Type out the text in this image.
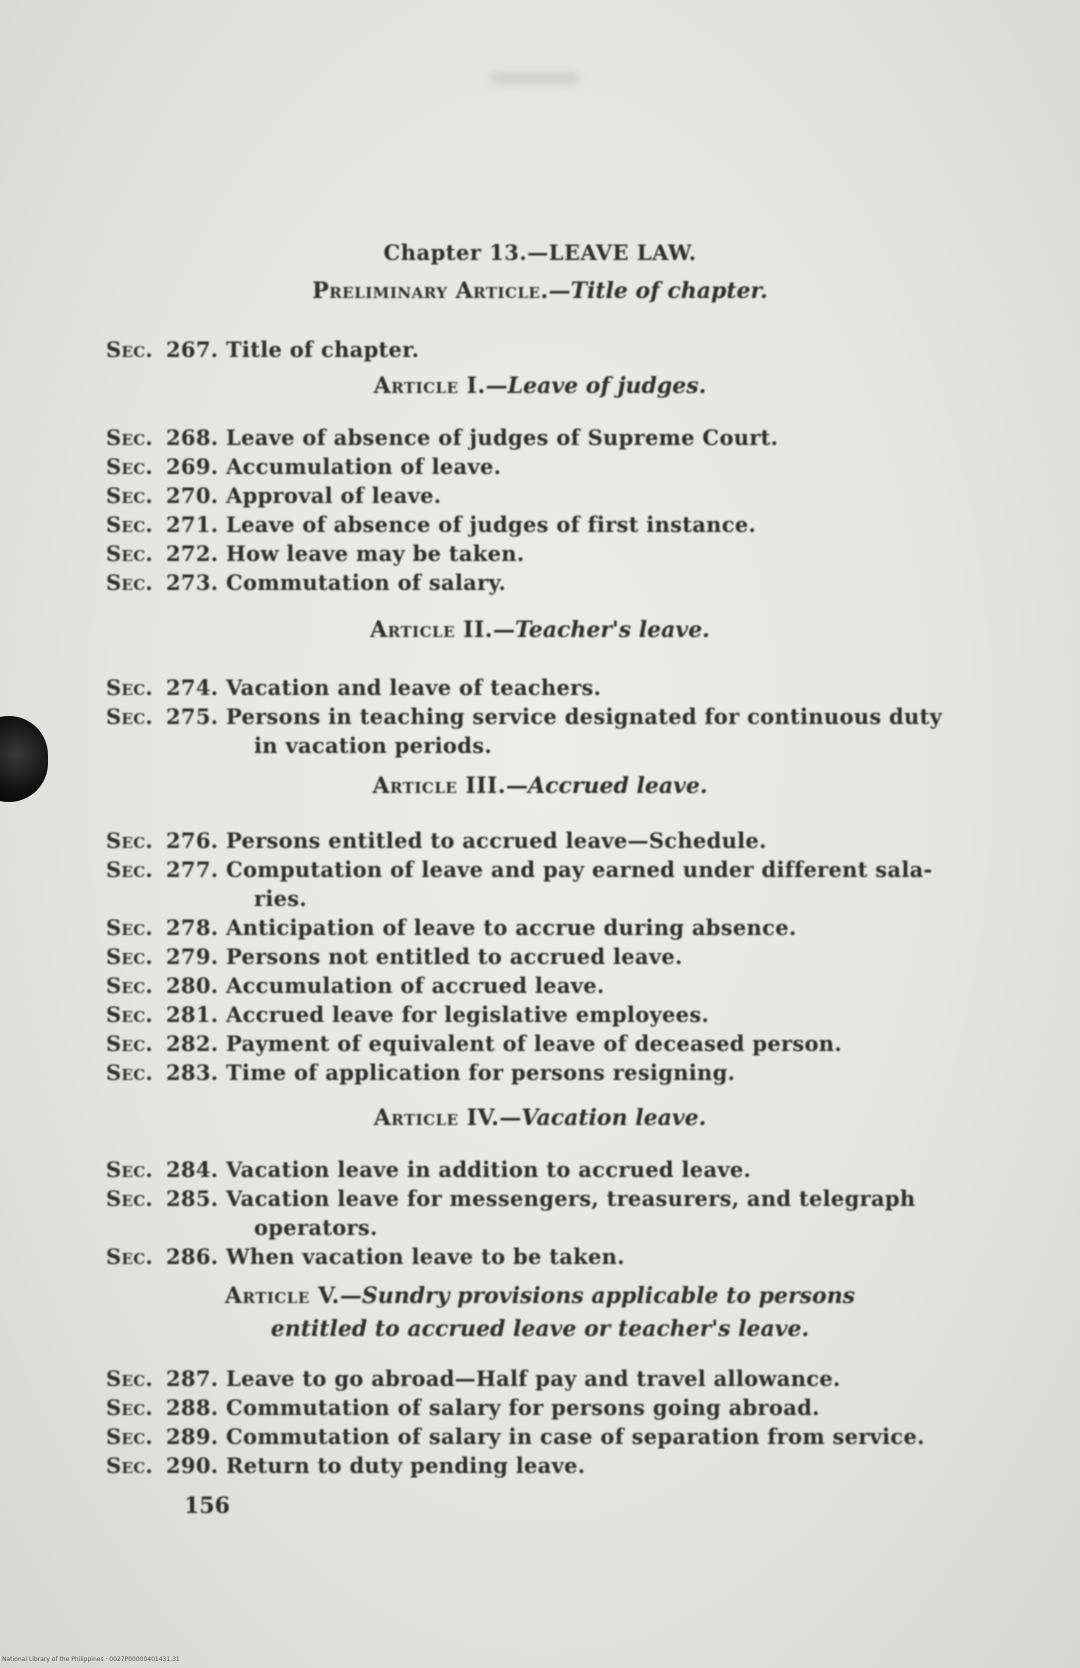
Chapter 13.—LEAVE LAW.
Preliminary Article.—Title of chapter.
Sec. 267. Title of chapter.
Article I.—Leave of judges.
Sec. 268. Leave of absence of judges of Supreme Court.
Sec. 269. Accumulation of leave.
Sec. 270. Approval of leave.
Sec. 271. Leave of absence of judges of first instance.
Sec. 272. How leave may be taken.
Sec. 273. Commutation of salary.
Article II.—Teacher's leave.
Sec. 274. Vacation and leave of teachers.
Sec. 275. Persons in teaching service designated for continuous duty
in vacation periods.
Article III.—Accrued leave.
Sec. 276. Persons entitled to accrued leave—Schedule.
Sec. 277. Computation of leave and pay earned under different sala-
ries.
Sec. 278. Anticipation of leave to accrue during absence.
Sec. 279. Persons not entitled to accrued leave.
Sec. 280. Accumulation of accrued leave.
Sec. 281. Accrued leave for legislative employees.
Sec. 282. Payment of equivalent of leave of deceased person.
Sec. 283. Time of application for persons resigning.
Article IV.—Vacation leave.
Sec. 284. Vacation leave in addition to accrued leave.
Sec. 285. Vacation leave for messengers, treasurers, and telegraph
operators.
Sec. 286. When vacation leave to be taken.
Article V.—Sundry provisions applicable to persons
entitled to accrued leave or teacher's leave.
Sec. 287. Leave to go abroad—Half pay and travel allowance.
Sec. 288. Commutation of salary for persons going abroad.
Sec. 289. Commutation of salary in case of separation from service.
Sec. 290. Return to duty pending leave.
156
National Library of the Philippines · 0027P00000401431.31
